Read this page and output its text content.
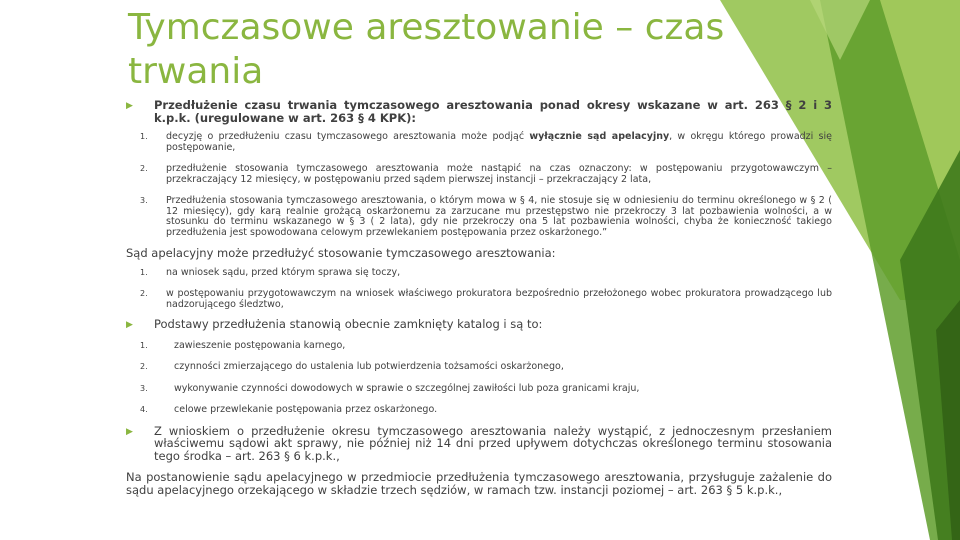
Tymczasowe aresztowanie – czas trwania
▶ Przedłużenie czasu trwania tymczasowego aresztowania ponad okresy wskazane w art. 263 § 2 i 3 k.p.k. (uregulowane w art. 263 § 4 KPK):
1. decyzję o przedłużeniu czasu tymczasowego aresztowania może podjąć wyłącznie sąd apelacyjny, w okręgu którego prowadzi się postępowanie,
2. przedłużenie stosowania tymczasowego aresztowania może nastąpić na czas oznaczony: w postępowaniu przygotowawczym – przekraczający 12 miesięcy, w postępowaniu przed sądem pierwszej instancji – przekraczający 2 lata,
3. Przedłużenia stosowania tymczasowego aresztowania, o którym mowa w § 4, nie stosuje się w odniesieniu do terminu określonego w § 2 ( 12 miesięcy), gdy karą realnie grożącą oskarżonemu za zarzucane mu przestępstwo nie przekroczy 3 lat pozbawienia wolności, a w stosunku do terminu wskazanego w § 3 ( 2 lata), gdy nie przekroczy ona 5 lat pozbawienia wolności, chyba że konieczność takiego przedłużenia jest spowodowana celowym przewlekaniem postępowania przez oskarżonego.”
Sąd apelacyjny może przedłużyć stosowanie tymczasowego aresztowania:
1. na wniosek sądu, przed którym sprawa się toczy,
2. w postępowaniu przygotowawczym na wniosek właściwego prokuratora bezpośrednio przełożonego wobec prokuratora prowadzącego lub nadzorującego śledztwo,
▶ Podstawy przedłużenia stanowią obecnie zamknięty katalog i są to:
1.	zawieszenie postępowania karnego,
2.	czynności zmierzającego do ustalenia lub potwierdzenia tożsamości oskarżonego,
3.	wykonywanie czynności dowodowych w sprawie o szczególnej zawiłości lub poza granicami kraju,
4.	celowe przewlekanie postępowania przez oskarżonego.
▶ Z wnioskiem o przedłużenie okresu tymczasowego aresztowania należy wystąpić, z jednoczesnym przesłaniem właściwemu sądowi akt sprawy, nie później niż 14 dni przed upływem dotychczas określonego terminu stosowania tego środka – art. 263 § 6 k.p.k.,
Na postanowienie sądu apelacyjnego w przedmiocie przedłużenia tymczasowego aresztowania, przysługuje zażalenie do sądu apelacyjnego orzekającego w składzie trzech sędziów, w ramach tzw. instancji poziomej – art. 263 § 5 k.p.k.,
